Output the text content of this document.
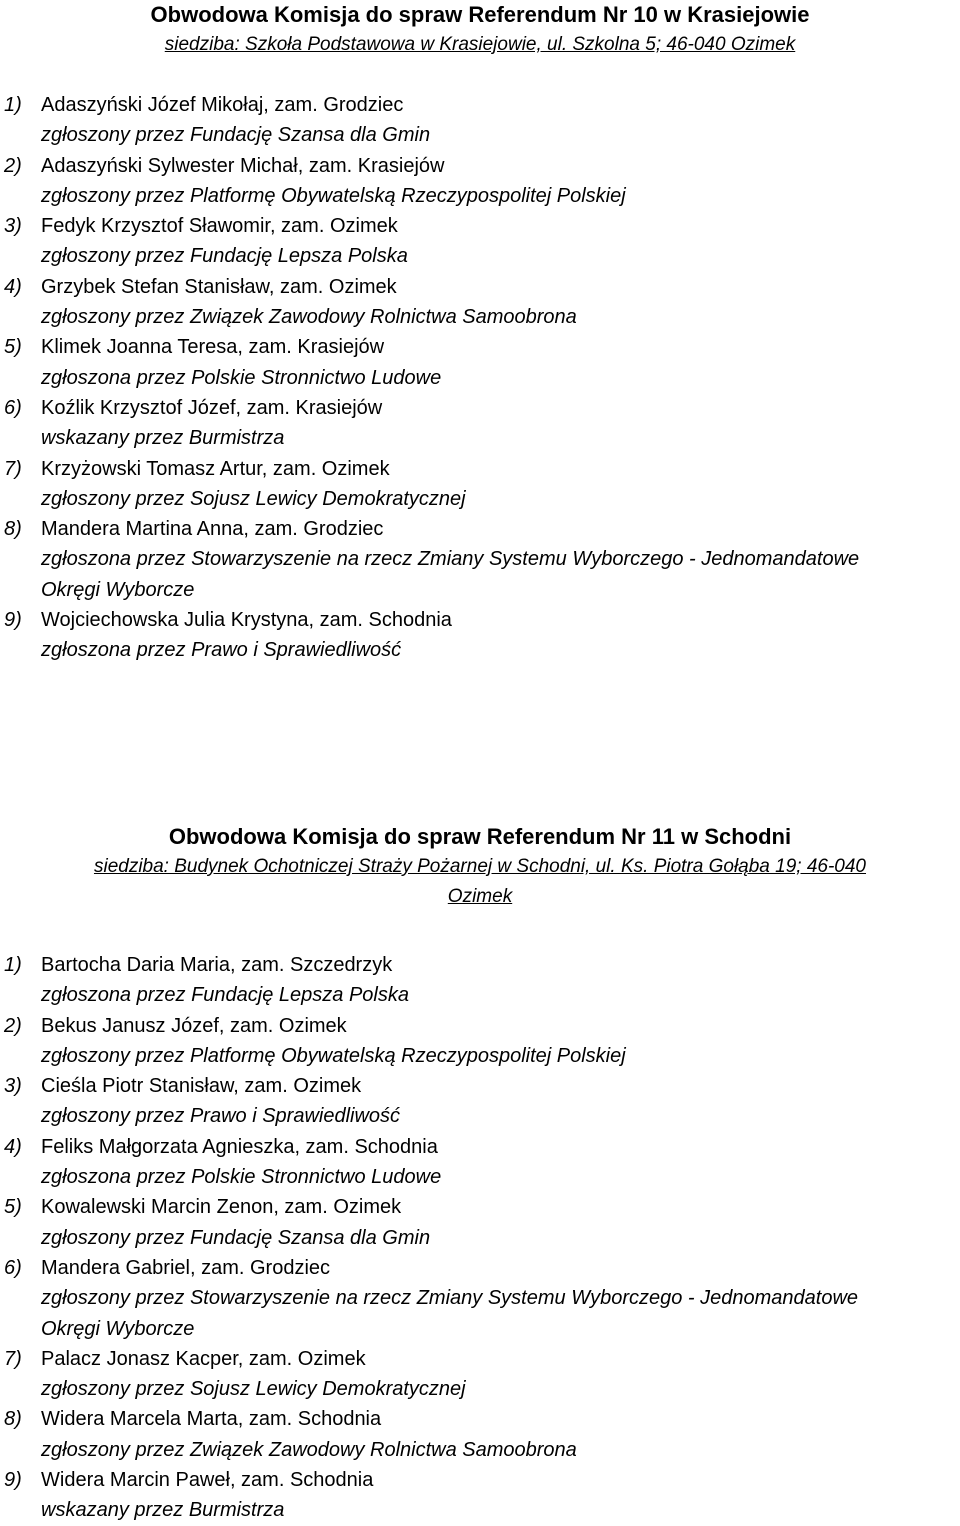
Obwodowa Komisja do spraw Referendum Nr 10 w Krasiejowie
siedziba: Szkoła Podstawowa w Krasiejowie, ul. Szkolna 5; 46-040 Ozimek
1) Adaszyński Józef Mikołaj, zam. Grodziec
zgłoszony przez Fundację Szansa dla Gmin
2) Adaszyński Sylwester Michał, zam. Krasiejów
zgłoszony przez Platformę Obywatelską Rzeczypospolitej Polskiej
3) Fedyk Krzysztof Sławomir, zam. Ozimek
zgłoszony przez Fundację Lepsza Polska
4) Grzybek Stefan Stanisław, zam. Ozimek
zgłoszony przez Związek Zawodowy Rolnictwa Samoobrona
5) Klimek Joanna Teresa, zam. Krasiejów
zgłoszona przez Polskie Stronnictwo Ludowe
6) Koźlik Krzysztof Józef, zam. Krasiejów
wskazany przez Burmistrza
7) Krzyżowski Tomasz Artur, zam. Ozimek
zgłoszony przez Sojusz Lewicy Demokratycznej
8) Mandera Martina Anna, zam. Grodziec
zgłoszona przez Stowarzyszenie na rzecz Zmiany Systemu Wyborczego - Jednomandatowe Okręgi Wyborcze
9) Wojciechowska Julia Krystyna, zam. Schodnia
zgłoszona przez Prawo i Sprawiedliwość
Obwodowa Komisja do spraw Referendum Nr 11 w Schodni
siedziba: Budynek Ochotniczej Straży Pożarnej w Schodni, ul. Ks. Piotra Gołąba 19; 46-040
Ozimek
1) Bartocha Daria Maria, zam. Szczedrzyk
zgłoszona przez Fundację Lepsza Polska
2) Bekus Janusz Józef, zam. Ozimek
zgłoszony przez Platformę Obywatelską Rzeczypospolitej Polskiej
3) Cieśla Piotr Stanisław, zam. Ozimek
zgłoszony przez Prawo i Sprawiedliwość
4) Feliks Małgorzata Agnieszka, zam. Schodnia
zgłoszona przez Polskie Stronnictwo Ludowe
5) Kowalewski Marcin Zenon, zam. Ozimek
zgłoszony przez Fundację Szansa dla Gmin
6) Mandera Gabriel, zam. Grodziec
zgłoszony przez Stowarzyszenie na rzecz Zmiany Systemu Wyborczego - Jednomandatowe Okręgi Wyborcze
7) Palacz Jonasz Kacper, zam. Ozimek
zgłoszony przez Sojusz Lewicy Demokratycznej
8) Widera Marcela Marta, zam. Schodnia
zgłoszony przez Związek Zawodowy Rolnictwa Samoobrona
9) Widera Marcin Paweł, zam. Schodnia
wskazany przez Burmistrza
